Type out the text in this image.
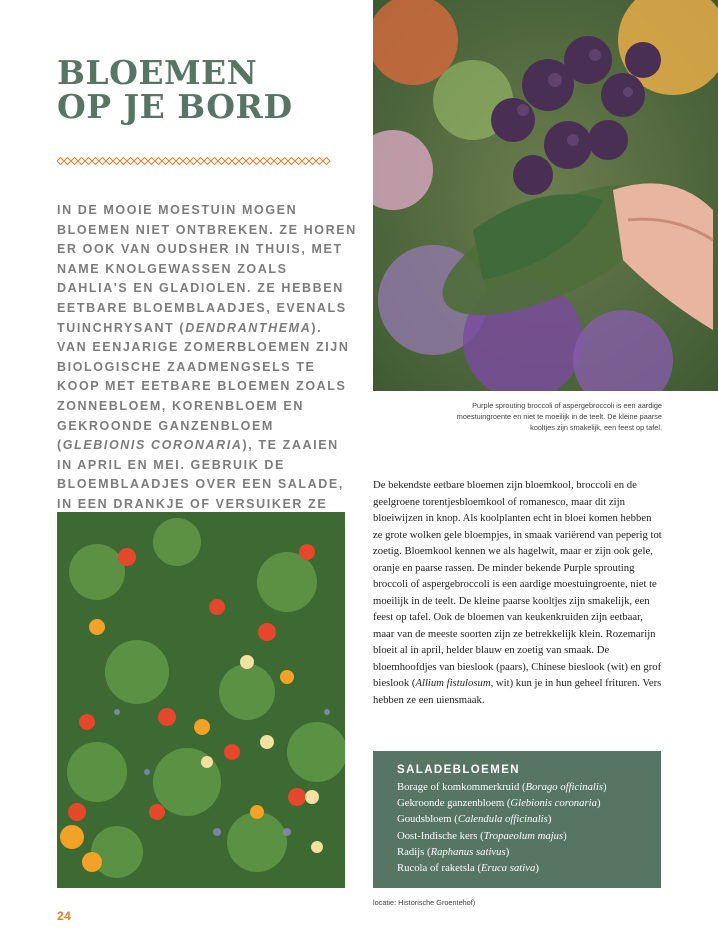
BLOEMEN
OP JE BORD
IN DE MOOIE MOESTUIN MOGEN BLOEMEN NIET ONTBREKEN. ZE HOREN ER OOK VAN OUDSHER IN THUIS, MET NAME KNOLGEWASSEN ZOALS DAHLIA'S EN GLADIOLEN. ZE HEBBEN EETBARE BLOEMBLAADJES, EVENALS TUINCHRYSANT (DENDRANTHEMA). VAN EENJARIGE ZOMERBLOEMEN ZIJN BIOLOGISCHE ZAADMENGSELS TE KOOP MET EETBARE BLOEMEN ZOALS ZONNEBLOEM, KORENBLOEM EN GEKROONDE GANZENBLOEM (GLEBIONIS CORONARIA), TE ZAAIEN IN APRIL EN MEI. GEBRUIK DE BLOEMBLAADJES OVER EEN SALADE, IN EEN DRANKJE OF VERSUIKER ZE
Purple sprouting broccoli of aspergebroccoli is een aardige moestuingroente en niet te moeilijk in de teelt. De kleine paarse kooltjes zijn smakelijk, een feest op tafel.

De bekendste eetbare bloemen zijn bloemkool, broccoli en de geelgroene torentjesbloemkool of romanesco, maar dit zijn bloeiwijzen in knop. Als koolplanten echt in bloei komen hebben ze grote wolken gele bloempjes, in smaak variërend van peperig tot zoetig. Bloemkool kennen we als hagelwit, maar er zijn ook gele, oranje en paarse rassen. De minder bekende Purple sprouting broccoli of aspergebroccoli is een aardige moestuingroente, niet te moeilijk in de teelt. De kleine paarse kooltjes zijn smakelijk, een feest op tafel. Ook de bloemen van keukenkruiden zijn eetbaar, maar van de meeste soorten zijn ze betrekkelijk klein. Rozemarijn bloeit al in april, helder blauw en zoetig van smaak. De bloemhoofdjes van bieslook (paars), Chinese bieslook (wit) en grof bieslook (Allium fistulosum, wit) kun je in hun geheel frituren. Vers hebben ze een uiensmaak.

SALADEBLOEMEN
Borage of komkommerkruid (Borago officinalis)
Gekroonde ganzenbloem (Glebionis coronaria)
Goudsbloem (Calendula officinalis)
Oost-Indische kers (Tropaeolum majus)
Radijs (Raphanus sativus)
Rucola of raketsla (Eruca sativa)
locatie: Historische Groentehof)
24
